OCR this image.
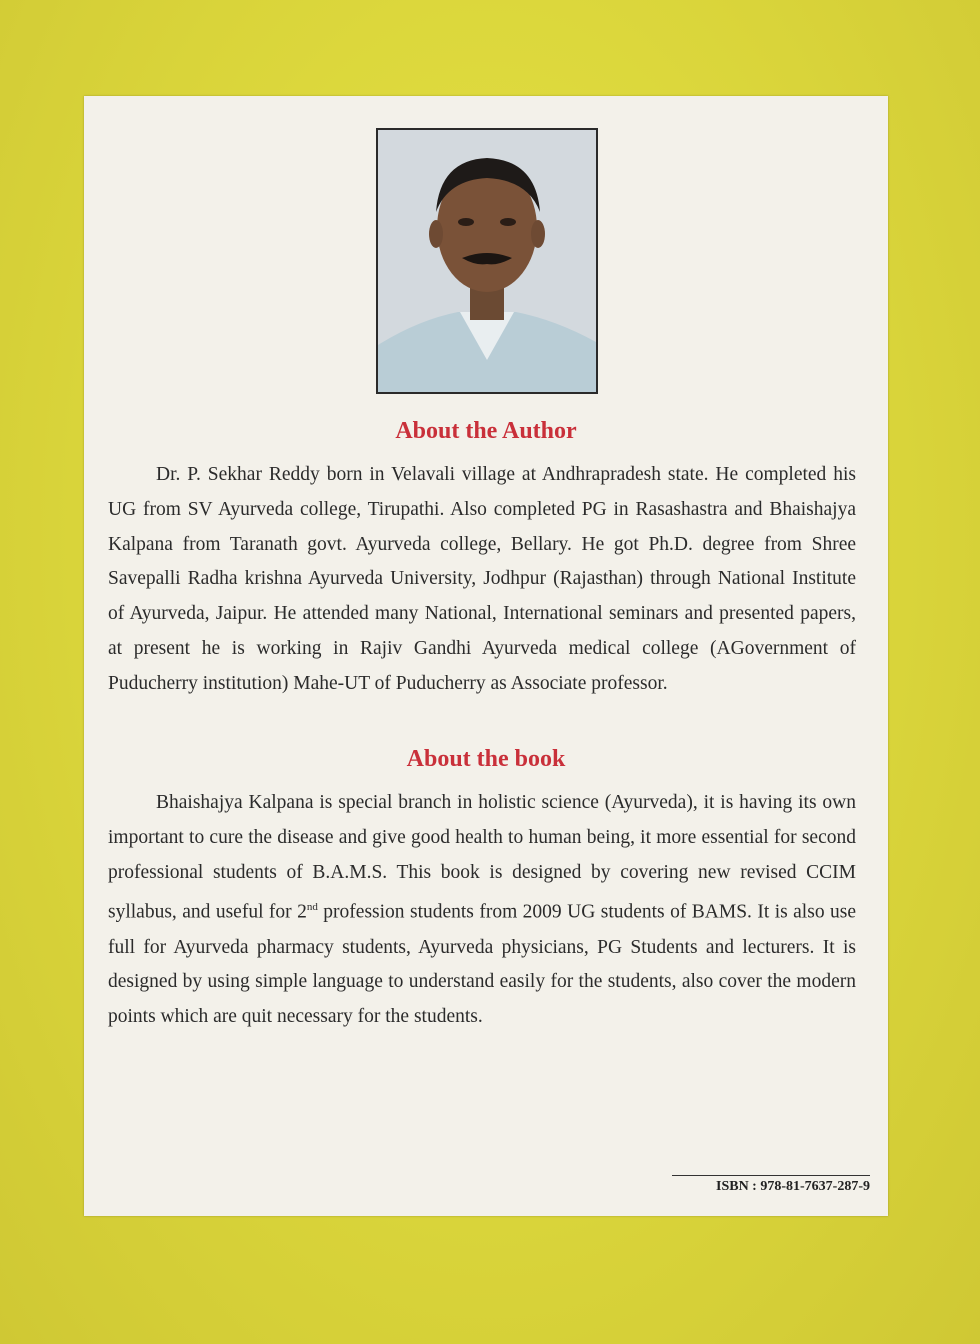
About the Author

Dr. P. Sekhar Reddy born in Velavali village at Andhrapradesh state. He completed his UG from SV Ayurveda college, Tirupathi. Also completed PG in Rasashastra and Bhaishajya Kalpana from Taranath govt. Ayurveda college, Bellary. He got Ph.D. degree from Shree Savepalli Radha krishna Ayurveda University, Jodhpur (Rajasthan) through National Institute of Ayurveda, Jaipur. He attended many National, International seminars and presented papers, at present he is working in Rajiv Gandhi Ayurveda medical college (AGovernment of Puducherry institution) Mahe-UT of Puducherry as Associate professor.

About the book

Bhaishajya Kalpana is special branch in holistic science (Ayurveda), it is having its own important to cure the disease and give good health to human being, it more essential for second professional students of B.A.M.S. This book is designed by covering new revised CCIM syllabus, and useful for 2nd profession students from 2009 UG students of BAMS. It is also use full for Ayurveda pharmacy students, Ayurveda physicians, PG Students and lecturers. It is designed by using simple language to understand easily for the students, also cover the modern points which are quit necessary for the students.

ISBN : 978-81-7637-287-9
